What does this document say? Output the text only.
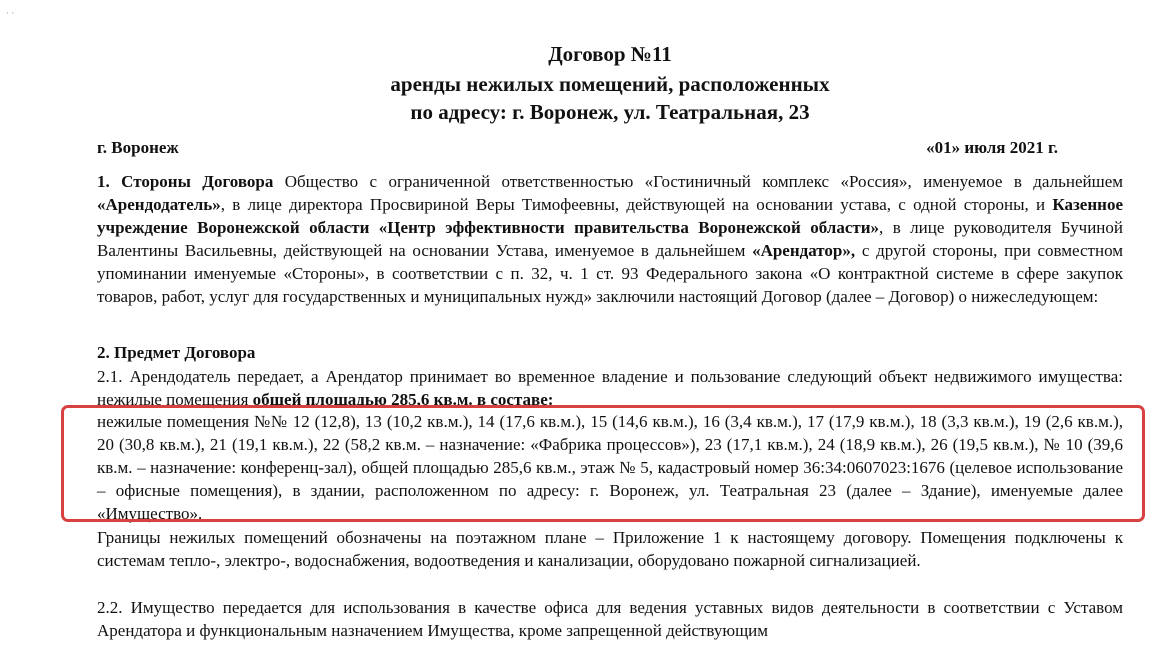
· ·
Договор №11
аренды нежилых помещений, расположенных
по адресу: г. Воронеж, ул. Театральная, 23
г. Воронеж	«01» июля 2021 г.
1. Стороны Договора Общество с ограниченной ответственностью «Гостиничный комплекс «Россия», именуемое в дальнейшем «Арендодатель», в лице директора Просвириной Веры Тимофеевны, действующей на основании устава, с одной стороны, и Казенное учреждение Воронежской области «Центр эффективности правительства Воронежской области», в лице руководителя Бучиной Валентины Васильевны, действующей на основании Устава, именуемое в дальнейшем «Арендатор», с другой стороны, при совместном упоминании именуемые «Стороны», в соответствии с п. 32, ч. 1 ст. 93 Федерального закона «О контрактной системе в сфере закупок товаров, работ, услуг для государственных и муниципальных нужд» заключили настоящий Договор (далее – Договор) о нижеследующем:
2. Предмет Договора
2.1. Арендодатель передает, а Арендатор принимает во временное владение и пользование следующий объект недвижимого имущества: нежилые помещения общей площадью 285,6 кв.м. в составе:
нежилые помещения №№ 12 (12,8), 13 (10,2 кв.м.), 14 (17,6 кв.м.), 15 (14,6 кв.м.), 16 (3,4 кв.м.), 17 (17,9 кв.м.), 18 (3,3 кв.м.), 19 (2,6 кв.м.), 20 (30,8 кв.м.), 21 (19,1 кв.м.), 22 (58,2 кв.м. – назначение: «Фабрика процессов»), 23 (17,1 кв.м.), 24 (18,9 кв.м.), 26 (19,5 кв.м.), № 10 (39,6 кв.м. – назначение: конференц-зал), общей площадью 285,6 кв.м., этаж № 5, кадастровый номер 36:34:0607023:1676 (целевое использование – офисные помещения), в здании, расположенном по адресу: г. Воронеж, ул. Театральная 23 (далее – Здание), именуемые далее «Имущество».
Границы нежилых помещений обозначены на поэтажном плане – Приложение 1 к настоящему договору. Помещения подключены к системам тепло-, электро-, водоснабжения, водоотведения и канализации, оборудовано пожарной сигнализацией.
2.2. Имущество передается для использования в качестве офиса для ведения уставных видов деятельности в соответствии с Уставом Арендатора и функциональным назначением Имущества, кроме запрещенной действующим
